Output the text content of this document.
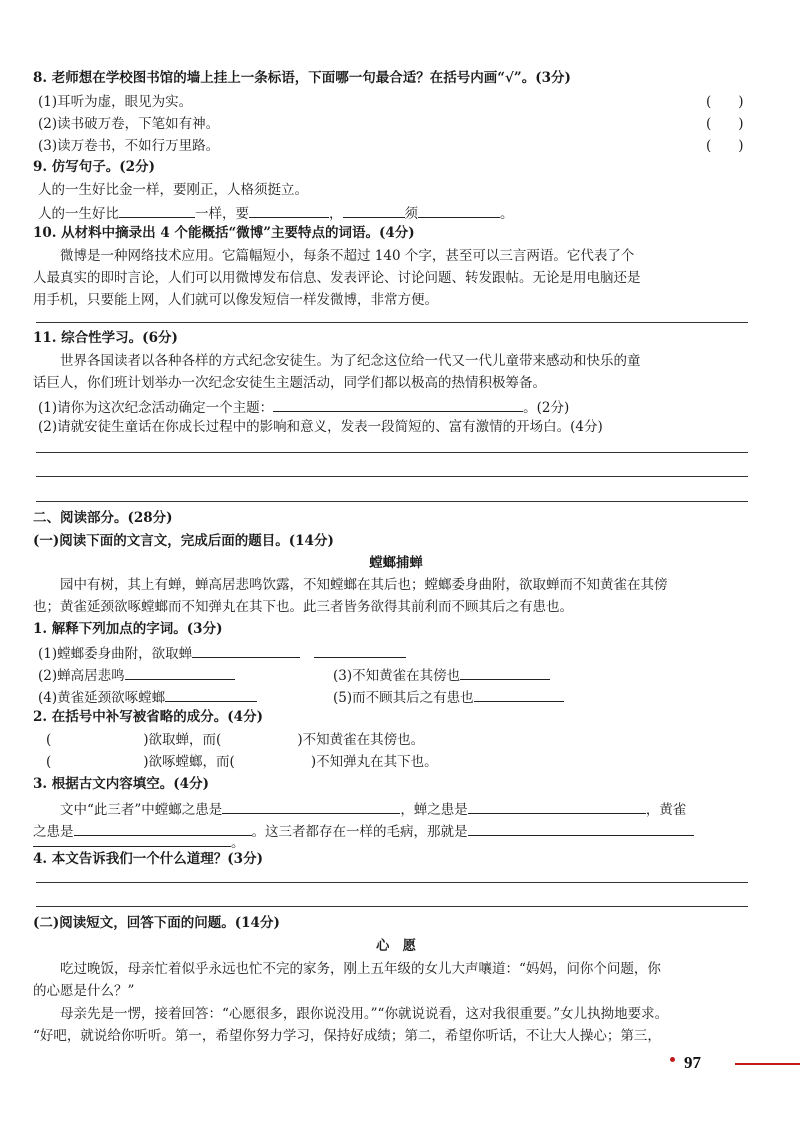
8. 老师想在学校图书馆的墙上挂上一条标语，下面哪一句最合适？在括号内画“√”。(3分)
(1)耳听为虚，眼见为实。	(　　)
(2)读书破万卷，下笔如有神。	(　　)
(3)读万卷书，不如行万里路。	(　　)
9. 仿写句子。(2分)
人的一生好比金一样，要刚正，人格须挺立。
人的一生好比	一样，要	，	须	。
10. 从材料中摘录出 4 个能概括“微博”主要特点的词语。(4分)
微博是一种网络技术应用。它篇幅短小，每条不超过 140 个字，甚至可以三言两语。它代表了个
人最真实的即时言论，人们可以用微博发布信息、发表评论、讨论问题、转发跟帖。无论是用电脑还是
用手机，只要能上网，人们就可以像发短信一样发微博，非常方便。
11. 综合性学习。(6分)
世界各国读者以各种各样的方式纪念安徒生。为了纪念这位给一代又一代儿童带来感动和快乐的童
话巨人，你们班计划举办一次纪念安徒生主题活动，同学们都以极高的热情积极筹备。
(1)请你为这次纪念活动确定一个主题：	。(2分)
(2)请就安徒生童话在你成长过程中的影响和意义，发表一段简短的、富有激情的开场白。(4分)
二、阅读部分。(28分)
(一)阅读下面的文言文，完成后面的题目。(14分)
螳螂捕蝉
园中有树，其上有蝉，蝉高居悲鸣饮露，不知螳螂在其后也；螳螂委身曲附，欲取蝉而不知黄雀在其傍
也；黄雀延颈欲啄螳螂而不知弹丸在其下也。此三者皆务欲得其前利而不顾其后之有患也。
1. 解释下列加点的字词。(3分)
(1)螳螂委身曲附，欲取蝉
(2)蝉高居悲鸣	(3)不知黄雀在其傍也
(4)黄雀延颈欲啄螳螂	(5)而不顾其后之有患也
2. 在括号中补写被省略的成分。(4分)
(	)欲取蝉，而(	)不知黄雀在其傍也。
(	)欲啄螳螂，而(	)不知弹丸在其下也。
3. 根据古文内容填空。(4分)
文中“此三者”中螳螂之患是	，蝉之患是	，黄雀
之患是	。这三者都存在一样的毛病，那就是
。
4. 本文告诉我们一个什么道理？(3分)
(二)阅读短文，回答下面的问题。(14分)
心　愿
吃过晚饭，母亲忙着似乎永远也忙不完的家务，刚上五年级的女儿大声嚷道：“妈妈，问你个问题，你
的心愿是什么？”
母亲先是一愣，接着回答：“心愿很多，跟你说没用。”“你就说说看，这对我很重要。”女儿执拗地要求。
“好吧，就说给你听听。第一，希望你努力学习，保持好成绩；第二，希望你听话，不让大人操心；第三，
97
